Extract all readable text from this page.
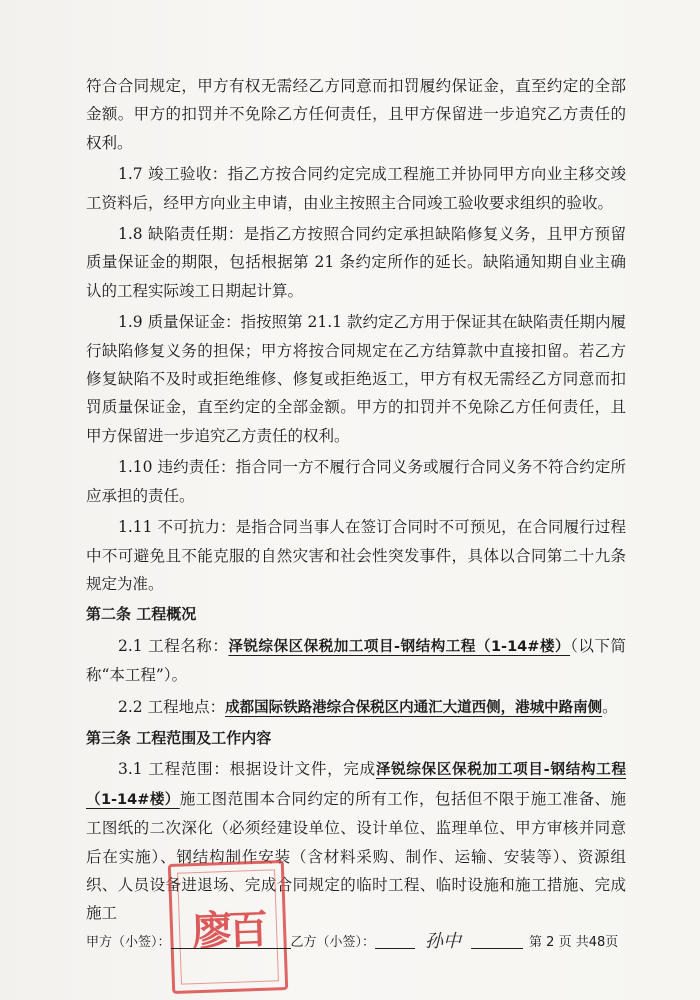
符合合同规定，甲方有权无需经乙方同意而扣罚履约保证金，直至约定的全部金额。甲方的扣罚并不免除乙方任何责任，且甲方保留进一步追究乙方责任的权利。

1.7 竣工验收：指乙方按合同约定完成工程施工并协同甲方向业主移交竣工资料后，经甲方向业主申请，由业主按照主合同竣工验收要求组织的验收。

1.8 缺陷责任期：是指乙方按照合同约定承担缺陷修复义务，且甲方预留质量保证金的期限，包括根据第 21 条约定所作的延长。缺陷通知期自业主确认的工程实际竣工日期起计算。

1.9 质量保证金：指按照第 21.1 款约定乙方用于保证其在缺陷责任期内履行缺陷修复义务的担保；甲方将按合同规定在乙方结算款中直接扣留。若乙方修复缺陷不及时或拒绝维修、修复或拒绝返工，甲方有权无需经乙方同意而扣罚质量保证金，直至约定的全部金额。甲方的扣罚并不免除乙方任何责任，且甲方保留进一步追究乙方责任的权利。

1.10 违约责任：指合同一方不履行合同义务或履行合同义务不符合约定所应承担的责任。

1.11 不可抗力：是指合同当事人在签订合同时不可预见，在合同履行过程中不可避免且不能克服的自然灾害和社会性突发事件，具体以合同第二十九条规定为准。

第二条 工程概况

2.1 工程名称：泽锐综保区保税加工项目-钢结构工程（1-14#楼）（以下简称“本工程”）。

2.2 工程地点：成都国际铁路港综合保税区内通汇大道西侧，港城中路南侧。

第三条 工程范围及工作内容

3.1 工程范围：根据设计文件，完成泽锐综保区保税加工项目-钢结构工程（1-14#楼）施工图范围本合同约定的所有工作，包括但不限于施工准备、施工图纸的二次深化（必须经建设单位、设计单位、监理单位、甲方审核并同意后在实施）、钢结构制作安装（含材料采购、制作、运输、安装等）、资源组织、人员设备进退场、完成合同规定的临时工程、临时设施和施工措施、完成施工	廖百
甲方（小签）：	乙方（小签）：	孙中	第 2 页 共48页
